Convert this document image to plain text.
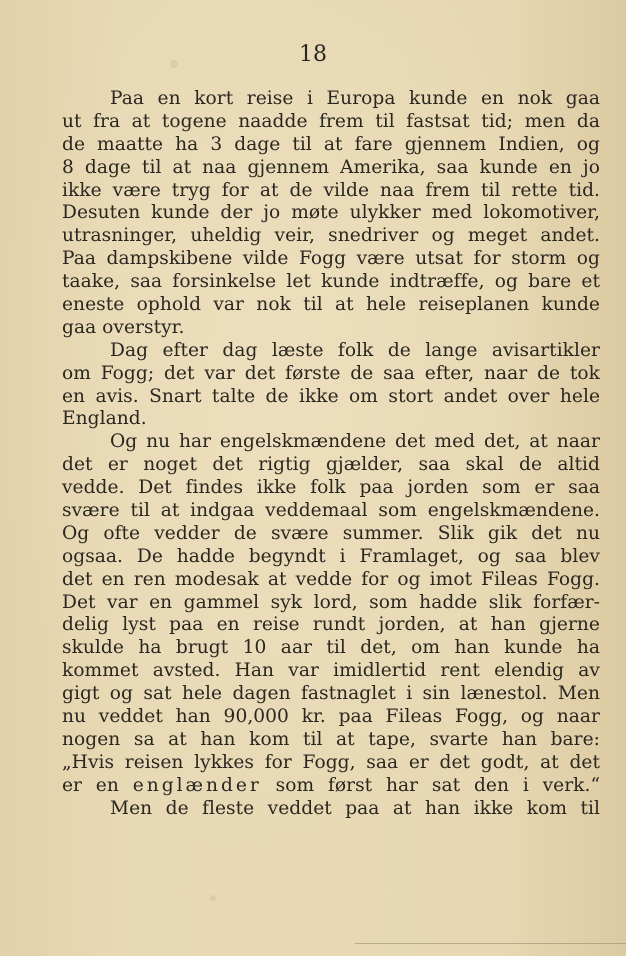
18
Paa en kort reise i Europa kunde en nok gaa
ut fra at togene naadde frem til fastsat tid; men da
de maatte ha 3 dage til at fare gjennem Indien, og
8 dage til at naa gjennem Amerika, saa kunde en jo
ikke være tryg for at de vilde naa frem til rette tid.
Desuten kunde der jo møte ulykker med lokomotiver,
utrasninger, uheldig veir, snedriver og meget andet.
Paa dampskibene vilde Fogg være utsat for storm og
taake, saa forsinkelse let kunde indtræffe, og bare et
eneste ophold var nok til at hele reiseplanen kunde
gaa overstyr.
Dag efter dag læste folk de lange avisartikler
om Fogg; det var det første de saa efter, naar de tok
en avis. Snart talte de ikke om stort andet over hele
England.
Og nu har engelskmændene det med det, at naar
det er noget det rigtig gjælder, saa skal de altid
vedde. Det findes ikke folk paa jorden som er saa
svære til at indgaa veddemaal som engelskmændene.
Og ofte vedder de svære summer. Slik gik det nu
ogsaa. De hadde begyndt i Framlaget, og saa blev
det en ren modesak at vedde for og imot Fileas Fogg.
Det var en gammel syk lord, som hadde slik forfær-
delig lyst paa en reise rundt jorden, at han gjerne
skulde ha brugt 10 aar til det, om han kunde ha
kommet avsted. Han var imidlertid rent elendig av
gigt og sat hele dagen fastnaglet i sin lænestol. Men
nu veddet han 90,000 kr. paa Fileas Fogg, og naar
nogen sa at han kom til at tape, svarte han bare:
„Hvis reisen lykkes for Fogg, saa er det godt, at det
er en englænder som først har sat den i verk.“
Men de fleste veddet paa at han ikke kom til
